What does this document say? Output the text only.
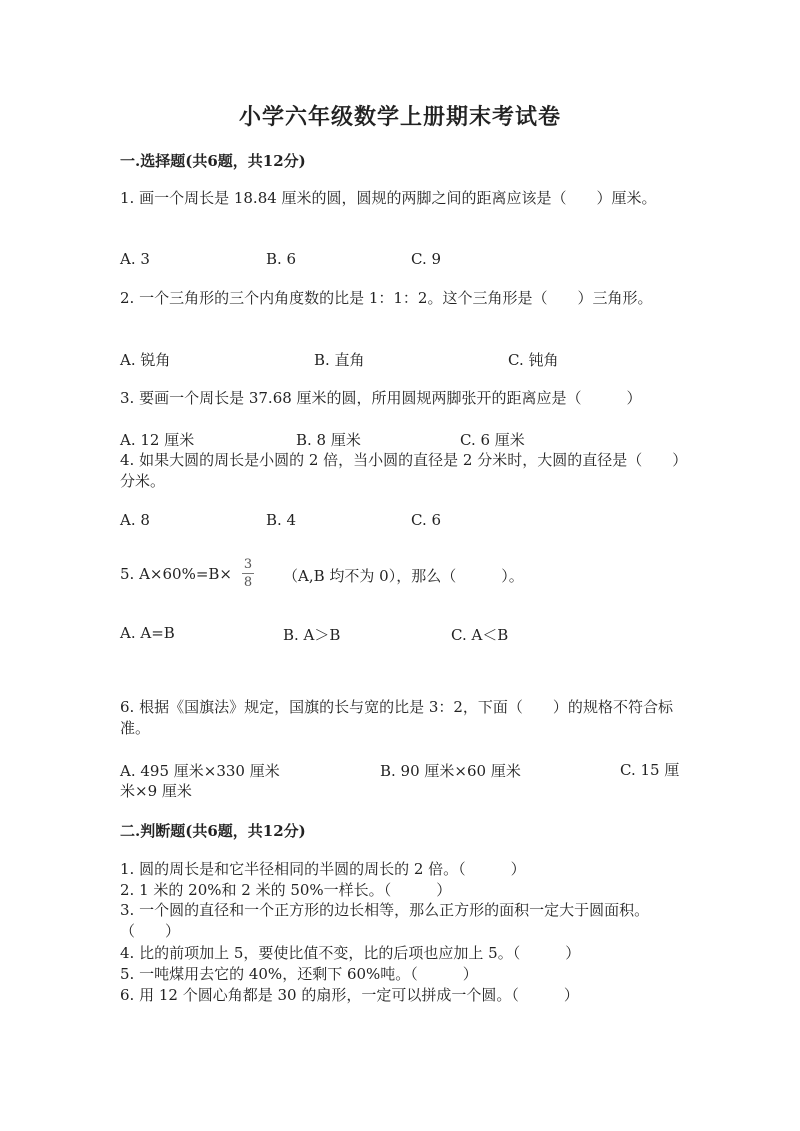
小学六年级数学上册期末考试卷
一.选择题(共6题，共12分)
1. 画一个周长是 18.84 厘米的圆，圆规的两脚之间的距离应该是（　　）厘米。
A. 3	B. 6	C. 9
2. 一个三角形的三个内角度数的比是 1：1：2。这个三角形是（　　）三角形。
A. 锐角	B. 直角	C. 钝角
3. 要画一个周长是 37.68 厘米的圆，所用圆规两脚张开的距离应是（　　　）
A. 12 厘米	B. 8 厘米	C. 6 厘米
4. 如果大圆的周长是小圆的 2 倍，当小圆的直径是 2 分米时，大圆的直径是（　　）分米。
A. 8	B. 4	C. 6
5. A×60%=B×
3
8 （A,B 均不为 0），那么（　　　）。
A. A=B	B. A＞B	C. A＜B
6. 根据《国旗法》规定，国旗的长与宽的比是 3：2，下面（　　）的规格不符合标准。
A. 495 厘米×330 厘米	B. 90 厘米×60 厘米	C. 15 厘米×9 厘米
二.判断题(共6题，共12分)
1. 圆的周长是和它半径相同的半圆的周长的 2 倍。（　　　）
2. 1 米的 20%和 2 米的 50%一样长。（　　　）
3. 一个圆的直径和一个正方形的边长相等，那么正方形的面积一定大于圆面积。（　　）
4. 比的前项加上 5，要使比值不变，比的后项也应加上 5。（　　　）
5. 一吨煤用去它的 40%，还剩下 60%吨。（　　　）
6. 用 12 个圆心角都是 30 的扇形，一定可以拼成一个圆。（　　　）
